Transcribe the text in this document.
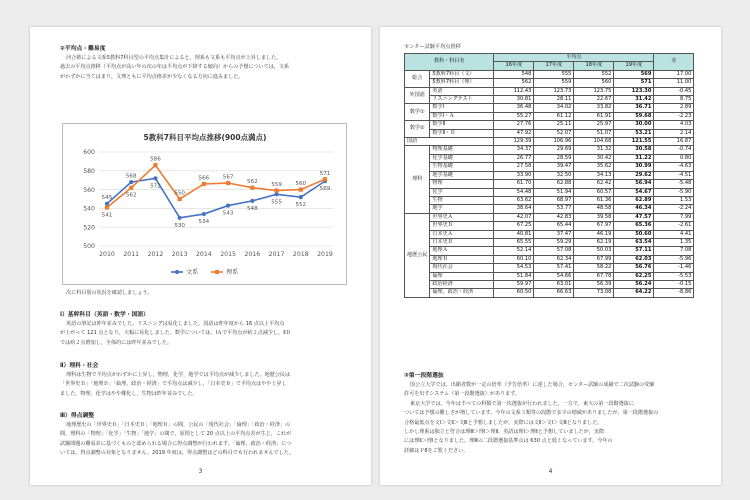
②平均点・難易度
河合塾による文系5教科7科目型の平均点集計によると，理系も文系も平均点が上昇しました。
過去の平均点推移（平均点が高い年の次の年は平均点が下降する傾向）からの予想については，文系
がわずかに当てはまり，文理ともに平均点格差が少なくなる方向に進みました。
5教科7科目平均点推移(900点満点)
500
520
540
560
580
600
2010 2011 2012 2013 2014 2015 2016 2017 2018 2019
545
568
572
530
534
543
548
555 552
569
541
562
586
550
566 567
562 559 560
571
文系	理系
次に科目別の状況を確認しましょう。
ⅰ）基幹科目（英語・数学・国語）
英語の筆記は昨年並みでした。リスニングは易化しました。国語は昨年度から 16 点以上平均点
が上がって 121 点となり，大幅に易化しました。数学については，ⅠＡで平均点が約２点減少し，ⅡＢ
では約２点増加し，全体的には昨年並みでした。
ⅱ）理科・社会
理科は生物で平均点がわずかに上昇し，物理，化学，地学では平均点が減少しました。地歴公民は
「世界史Ｂ」「地理Ｂ」「倫理，政治・経済」で平均点は減少し，「日本史Ｂ」で平均点はやや上昇し
ました。物理，化学はやや難化し，生物は昨年並みでした。
ⅲ）得点調整
地理歴史の「世界史Ｂ」「日本史Ｂ」「地理Ｂ」の間，公民の「現代社会」「倫理」「政治・経済」の
間，理科の「物理」「化学」「生物」「地学」の間で，原則として 20 点以上の平均点差が生じ，これが
試験問題の難易差に基づくものと認められる場合に得点調整が行われます。「倫理，政治・経済」につ
いては，得点調整の対象となりません。2019 年度は，得点調整はどの科目でも行われませんでした。
3
センター試験平均点推移
教科・科目名		平均点				差
		16年度	17年度	18年度	19年度	
総合	5教科7科目（文）	548	555	552	569	17.00
	5教科7科目（理）	562	559	560	571	11.00
外国語	英語	112.43	123.73	123.75	123.30	-0.45
	リスニングテスト	30.81	28.11	22.67	31.42	8.75
数学①	数学Ⅰ	36.48	34.02	33.82	36.71	2.89
	数学Ⅰ・Ａ	55.27	61.12	61.91	59.68	-2.23
数学②	数学Ⅱ	27.76	25.11	25.97	30.00	4.03
	数学Ⅱ・Ｂ	47.92	52.07	51.07	53.21	2.14
国語		129.39	106.96	104.68	121.55	16.87
理科	物理基礎	34.37	29.69	31.32	30.58	-0.74
	化学基礎	26.77	28.59	30.42	31.22	0.80
	生物基礎	27.58	39.47	35.62	30.99	-4.63
	地学基礎	33.90	32.50	34.13	29.62	-4.51
	物理	61.70	62.88	62.42	56.94	-5.48
	化学	54.48	51.94	60.57	54.67	-5.90
	生物	63.62	68.97	61.36	62.89	1.53
	地学	38.64	53.77	48.58	46.34	-2.24
地歴公民	世界史Ａ	42.07	42.83	39.58	47.57	7.99
	世界史Ｂ	67.25	65.44	67.97	65.36	-2.61
	日本史Ａ	40.81	37.47	46.19	50.60	4.41
	日本史Ｂ	65.55	59.29	62.19	63.54	1.35
	地理Ａ	52.14	57.08	50.03	57.11	7.08
	地理Ｂ	60.10	62.34	67.99	62.03	-5.96
	現代社会	54.53	57.41	58.22	56.76	-1.46
	倫理	51.84	54.66	67.78	62.25	-5.53
	政治経済	59.97	63.01	56.39	56.24	-0.15
	倫理，政治・経済	60.50	66.63	73.08	64.22	-8.86
③第一段階選抜
国公立大学では，出願者数が一定の倍率（予告倍率）に達した場合，センター試験の成績で二次試験の受験
許可を出すシステム（第一段階選抜）があります。
東京大学では，今年はすべての科類で第一次選抜が行われました。一方で，東大の第一段階選抜に
ついては予想の難しさが増しています。今年の文系３類等の段階で多少の増減がありましたが，第一段階選抜の
合格最低点を文Ⅰ＞文Ⅱ＞文Ⅲと予想しましたが，実際には文Ⅱ＞文Ⅰ＞文Ⅲとなりました。
しかし理系は独立と符合は理Ⅲ＞理Ⅰ＞理Ⅱ，英語は理Ⅰ＞理Ⅱと予想していましたが，実際
には理Ⅱ＞理Ⅰとなりました。理Ⅲの二段階選抜基準点は 630 点と低くなっています。今年の
詳細はＰ8をご覧ください。
4
